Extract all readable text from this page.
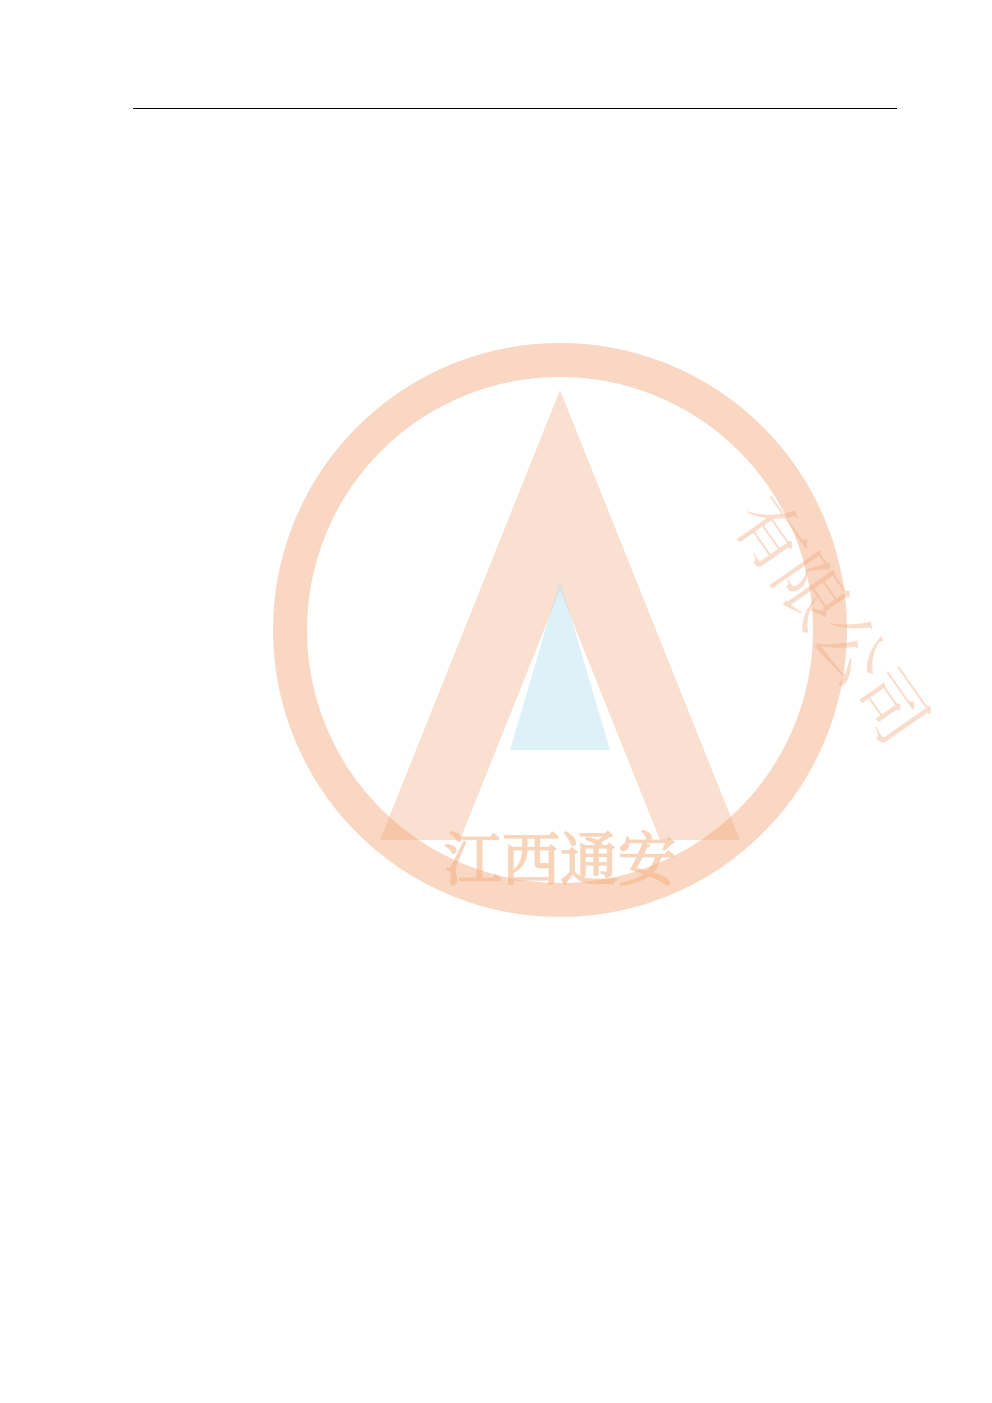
江西通安
有限公司
